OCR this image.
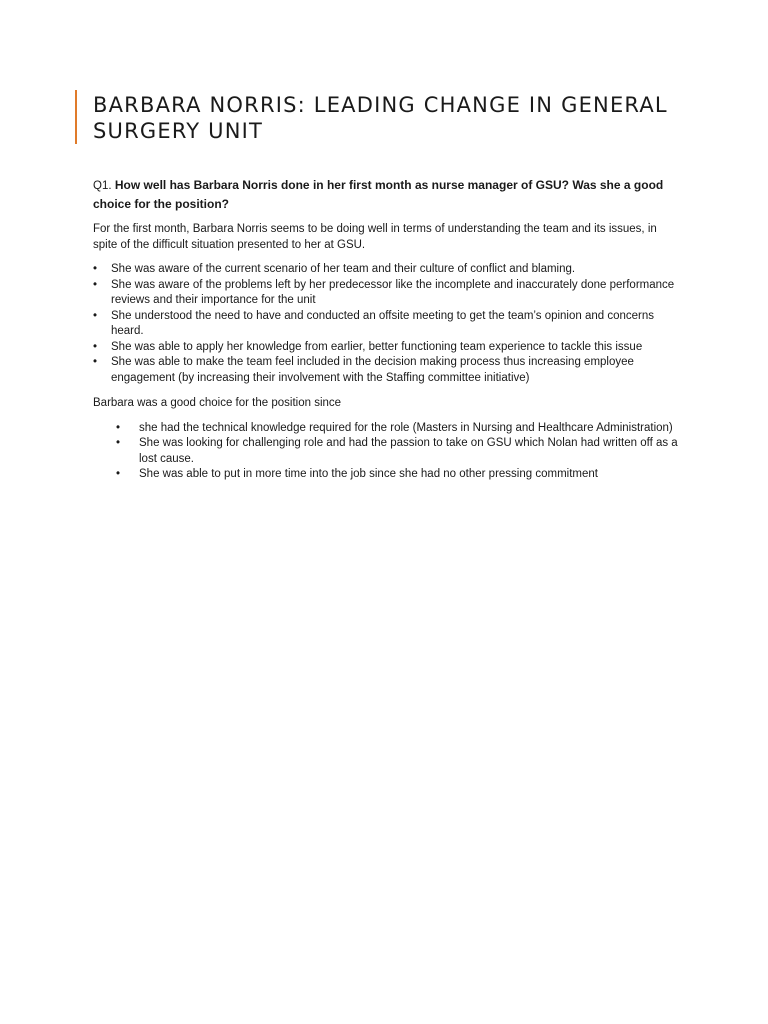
BARBARA NORRIS: LEADING CHANGE IN GENERAL SURGERY UNIT
Q1. How well has Barbara Norris done in her first month as nurse manager of GSU? Was she a good choice for the position?

For the first month, Barbara Norris seems to be doing well in terms of understanding the team and its issues, in spite of the difficult situation presented to her at GSU.

• She was aware of the current scenario of her team and their culture of conflict and blaming.
• She was aware of the problems left by her predecessor like the incomplete and inaccurately done performance reviews and their importance for the unit
• She understood the need to have and conducted an offsite meeting to get the team’s opinion and concerns heard.
• She was able to apply her knowledge from earlier, better functioning team experience to tackle this issue
• She was able to make the team feel included in the decision making process thus increasing employee engagement (by increasing their involvement with the Staffing committee initiative)

Barbara was a good choice for the position since

• she had the technical knowledge required for the role (Masters in Nursing and Healthcare Administration)
• She was looking for challenging role and had the passion to take on GSU which Nolan had written off as a lost cause.
• She was able to put in more time into the job since she had no other pressing commitment
